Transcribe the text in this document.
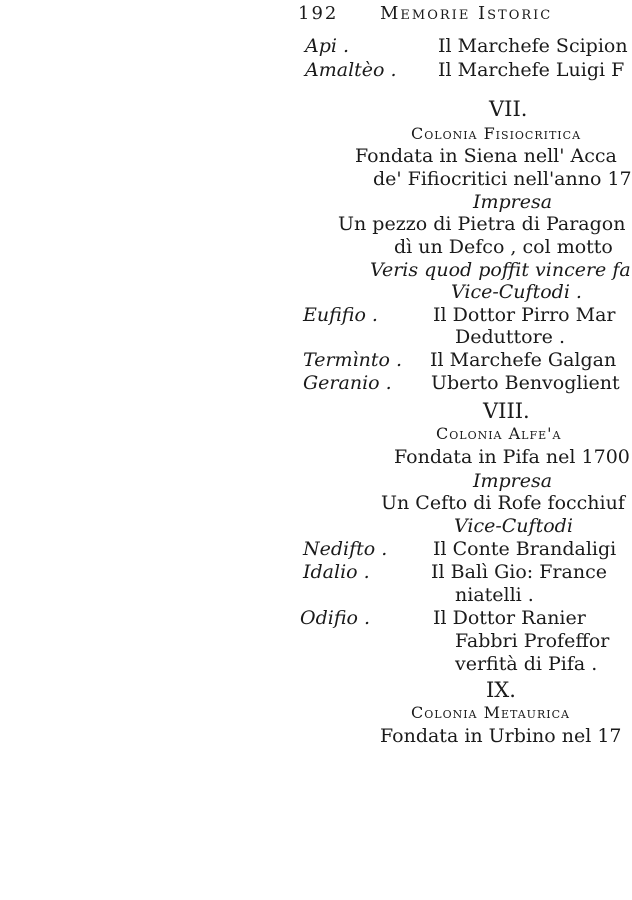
192 Memorie Istoric
Api .	Il Marchefe Scipion
Amaltèo . Il Marchefe Luigi F
VII.
Colonia Fisiocritica
Fondata in Siena nell' Acca
de' Fifiocritici nell'anno 17
Impresa
Un pezzo di Pietra di Paragon
dì un Defco , col motto
Veris quod poffit vincere fa
Vice-Cuftodi .
Eufifio .	Il Dottor Pirro Mar
Deduttore .
Termìnto . Il Marchefe Galgan
Geranio . Uberto Benvoglient
VIII.
Colonia Alfe'a
Fondata in Pifa nel 1700
Impresa
Un Cefto di Rofe focchiuf
Vice-Cuftodi
Nedifto . Il Conte Brandaligi
Idalio .	Il Balì Gio: France
niatelli .
Odifio .	Il Dottor Ranier
Fabbri Profeffor
verfità di Pifa .
IX.
Colonia Metaurica
Fondata in Urbino nel 17
